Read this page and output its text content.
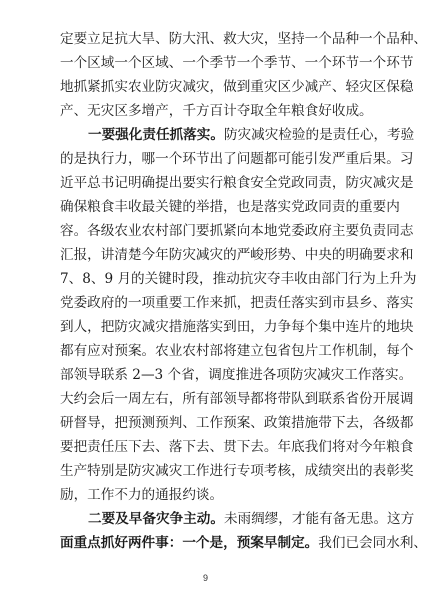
定要立足抗大旱、防大汛、救大灾，坚持一个品种一个品种、
一个区域一个区域、一个季节一个季节、一个环节一个环节
地抓紧抓实农业防灾减灾，做到重灾区少减产、轻灾区保稳
产、无灾区多增产，千方百计夺取全年粮食好收成。
一要强化责任抓落实。防灾减灾检验的是责任心，考验
的是执行力，哪一个环节出了问题都可能引发严重后果。习
近平总书记明确提出要实行粮食安全党政同责，防灾减灾是
确保粮食丰收最关键的举措，也是落实党政同责的重要内
容。各级农业农村部门要抓紧向本地党委政府主要负责同志
汇报，讲清楚今年防灾减灾的严峻形势、中央的明确要求和
7、8、9 月的关键时段，推动抗灾夺丰收由部门行为上升为
党委政府的一项重要工作来抓，把责任落实到市县乡、落实
到人，把防灾减灾措施落实到田，力争每个集中连片的地块
都有应对预案。农业农村部将建立包省包片工作机制，每个
部领导联系 2—3 个省，调度推进各项防灾减灾工作落实。
大约会后一周左右，所有部领导都将带队到联系省份开展调
研督导，把预测预判、工作预案、政策措施带下去，各级都
要把责任压下去、落下去、贯下去。年底我们将对今年粮食
生产特别是防灾减灾工作进行专项考核，成绩突出的表彰奖
励，工作不力的通报约谈。
二要及早备灾争主动。未雨绸缪，才能有备无患。这方
面重点抓好两件事：一个是，预案早制定。我们已会同水利、
9
